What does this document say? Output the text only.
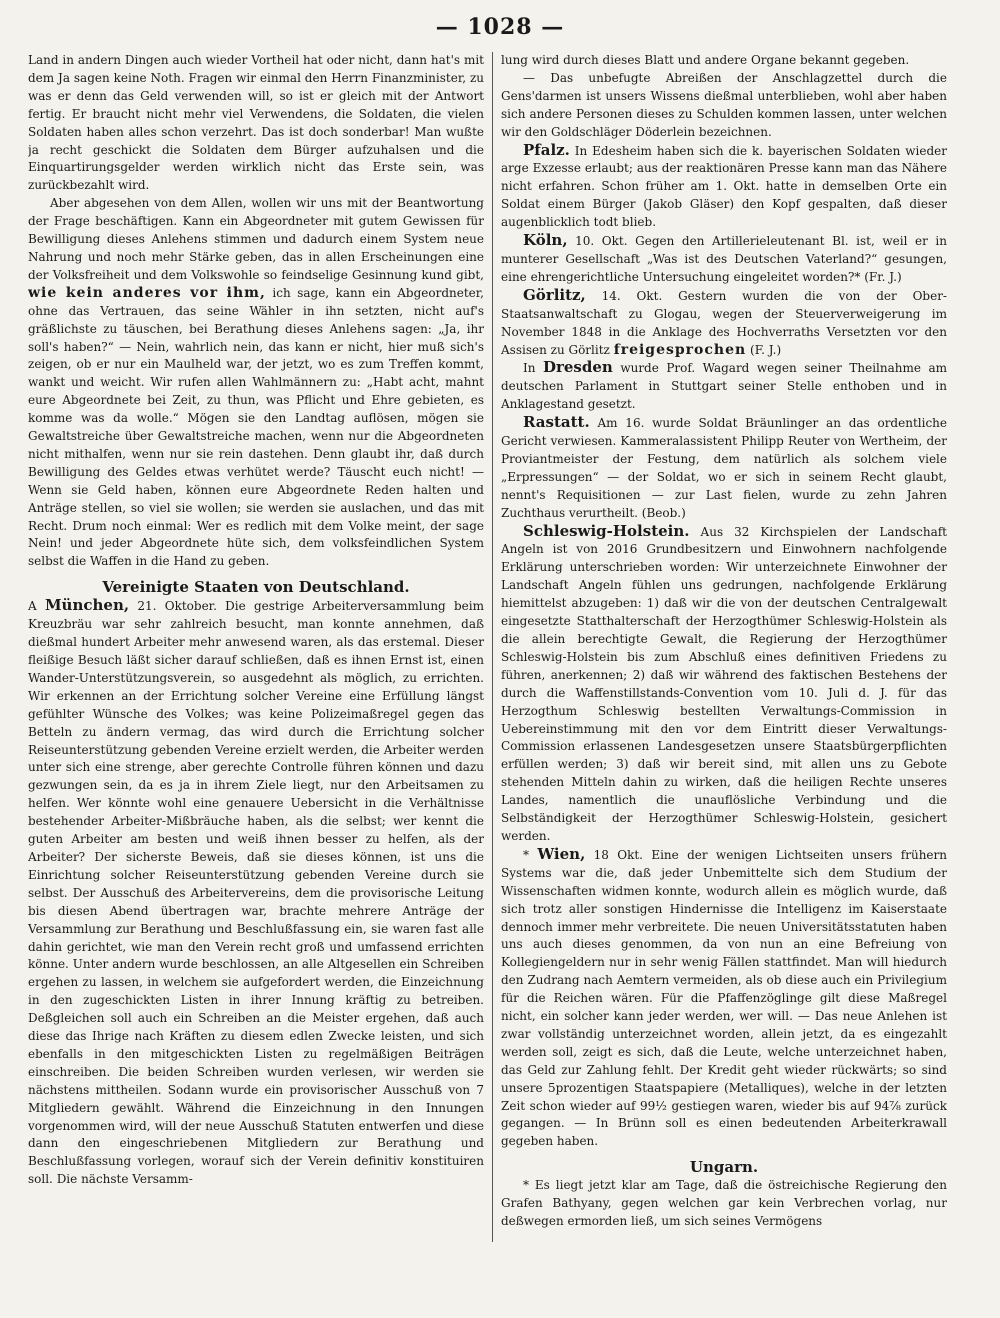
— 1028 —

Land in andern Dingen auch wieder Vortheil hat oder nicht, dann hat's mit dem Ja sagen keine Noth. Fragen wir einmal den Herrn Finanzminister, zu was er denn das Geld verwenden will, so ist er gleich mit der Antwort fertig. Er braucht nicht mehr viel Verwendens, die Soldaten, die vielen Soldaten haben alles schon verzehrt. Das ist doch sonderbar! Man wußte ja recht geschickt die Soldaten dem Bürger aufzuhalsen und die Einquartirungsgelder werden wirklich nicht das Erste sein, was zurückbezahlt wird.

Aber abgesehen von dem Allen, wollen wir uns mit der Beantwortung der Frage beschäftigen. Kann ein Abgeordneter mit gutem Gewissen für Bewilligung dieses Anlehens stimmen und dadurch einem System neue Nahrung und noch mehr Stärke geben, das in allen Erscheinungen eine der Volksfreiheit und dem Volkswohle so feindselige Gesinnung kund gibt, wie kein anderes vor ihm, ich sage, kann ein Abgeordneter, ohne das Vertrauen, das seine Wähler in ihn setzten, nicht auf's gräßlichste zu täuschen, bei Berathung dieses Anlehens sagen: „Ja, ihr soll's haben?“ — Nein, wahrlich nein, das kann er nicht, hier muß sich's zeigen, ob er nur ein Maulheld war, der jetzt, wo es zum Treffen kommt, wankt und weicht. Wir rufen allen Wahlmännern zu: „Habt acht, mahnt eure Abgeordnete bei Zeit, zu thun, was Pflicht und Ehre gebieten, es komme was da wolle.“ Mögen sie den Landtag auflösen, mögen sie Gewaltstreiche über Gewaltstreiche machen, wenn nur die Abgeordneten nicht mithalfen, wenn nur sie rein dastehen. Denn glaubt ihr, daß durch Bewilligung des Geldes etwas verhütet werde? Täuscht euch nicht! — Wenn sie Geld haben, können eure Abgeordnete Reden halten und Anträge stellen, so viel sie wollen; sie werden sie auslachen, und das mit Recht. Drum noch einmal: Wer es redlich mit dem Volke meint, der sage Nein! und jeder Abgeordnete hüte sich, dem volksfeindlichen System selbst die Waffen in die Hand zu geben.

Vereinigte Staaten von Deutschland.

A München, 21. Oktober. Die gestrige Arbeiterversammlung beim Kreuzbräu war sehr zahlreich besucht, man konnte annehmen, daß dießmal hundert Arbeiter mehr anwesend waren, als das erstemal. Dieser fleißige Besuch läßt sicher darauf schließen, daß es ihnen Ernst ist, einen Wander-Unterstützungsverein, so ausgedehnt als möglich, zu errichten. Wir erkennen an der Errichtung solcher Vereine eine Erfüllung längst gefühlter Wünsche des Volkes; was keine Polizeimaßregel gegen das Betteln zu ändern vermag, das wird durch die Errichtung solcher Reiseunterstützung gebenden Vereine erzielt werden, die Arbeiter werden unter sich eine strenge, aber gerechte Controlle führen können und dazu gezwungen sein, da es ja in ihrem Ziele liegt, nur den Arbeitsamen zu helfen. Wer könnte wohl eine genauere Uebersicht in die Verhältnisse bestehender Arbeiter-Mißbräuche haben, als die selbst; wer kennt die guten Arbeiter am besten und weiß ihnen besser zu helfen, als der Arbeiter? Der sicherste Beweis, daß sie dieses können, ist uns die Einrichtung solcher Reiseunterstützung gebenden Vereine durch sie selbst. Der Ausschuß des Arbeitervereins, dem die provisorische Leitung bis diesen Abend übertragen war, brachte mehrere Anträge der Versammlung zur Berathung und Beschlußfassung ein, sie waren fast alle dahin gerichtet, wie man den Verein recht groß und umfassend errichten könne. Unter andern wurde beschlossen, an alle Altgesellen ein Schreiben ergehen zu lassen, in welchem sie aufgefordert werden, die Einzeichnung in den zugeschickten Listen in ihrer Innung kräftig zu betreiben. Deßgleichen soll auch ein Schreiben an die Meister ergehen, daß auch diese das Ihrige nach Kräften zu diesem edlen Zwecke leisten, und sich ebenfalls in den mitgeschickten Listen zu regelmäßigen Beiträgen einschreiben. Die beiden Schreiben wurden verlesen, wir werden sie nächstens mittheilen. Sodann wurde ein provisorischer Ausschuß von 7 Mitgliedern gewählt. Während die Einzeichnung in den Innungen vorgenommen wird, will der neue Ausschuß Statuten entwerfen und diese dann den eingeschriebenen Mitgliedern zur Berathung und Beschlußfassung vorlegen, worauf sich der Verein definitiv konstituiren soll. Die nächste Versamm-

lung wird durch dieses Blatt und andere Organe bekannt gegeben.

— Das unbefugte Abreißen der Anschlagzettel durch die Gens'darmen ist unsers Wissens dießmal unterblieben, wohl aber haben sich andere Personen dieses zu Schulden kommen lassen, unter welchen wir den Goldschläger Döderlein bezeichnen.

Pfalz. In Edesheim haben sich die k. bayerischen Soldaten wieder arge Exzesse erlaubt; aus der reaktionären Presse kann man das Nähere nicht erfahren. Schon früher am 1. Okt. hatte in demselben Orte ein Soldat einem Bürger (Jakob Gläser) den Kopf gespalten, daß dieser augenblicklich todt blieb.

Köln, 10. Okt. Gegen den Artillerieleutenant Bl. ist, weil er in munterer Gesellschaft „Was ist des Deutschen Vaterland?“ gesungen, eine ehrengerichtliche Untersuchung eingeleitet worden?* (Fr. J.)

Görlitz, 14. Okt. Gestern wurden die von der Ober-Staatsanwaltschaft zu Glogau, wegen der Steuerverweigerung im November 1848 in die Anklage des Hochverraths Versetzten vor den Assisen zu Görlitz freigesprochen (F. J.)

In Dresden wurde Prof. Wagard wegen seiner Theilnahme am deutschen Parlament in Stuttgart seiner Stelle enthoben und in Anklagestand gesetzt.

Rastatt. Am 16. wurde Soldat Bräunlinger an das ordentliche Gericht verwiesen. Kammeralassistent Philipp Reuter von Wertheim, der Proviantmeister der Festung, dem natürlich als solchem viele „Erpressungen“ — der Soldat, wo er sich in seinem Recht glaubt, nennt's Requisitionen — zur Last fielen, wurde zu zehn Jahren Zuchthaus verurtheilt. (Beob.)

Schleswig-Holstein. Aus 32 Kirchspielen der Landschaft Angeln ist von 2016 Grundbesitzern und Einwohnern nachfolgende Erklärung unterschrieben worden: Wir unterzeichnete Einwohner der Landschaft Angeln fühlen uns gedrungen, nachfolgende Erklärung hiemittelst abzugeben: 1) daß wir die von der deutschen Centralgewalt eingesetzte Statthalterschaft der Herzogthümer Schleswig-Holstein als die allein berechtigte Gewalt, die Regierung der Herzogthümer Schleswig-Holstein bis zum Abschluß eines definitiven Friedens zu führen, anerkennen; 2) daß wir während des faktischen Bestehens der durch die Waffenstillstands-Convention vom 10. Juli d. J. für das Herzogthum Schleswig bestellten Verwaltungs-Commission in Uebereinstimmung mit den vor dem Eintritt dieser Verwaltungs-Commission erlassenen Landesgesetzen unsere Staatsbürgerpflichten erfüllen werden; 3) daß wir bereit sind, mit allen uns zu Gebote stehenden Mitteln dahin zu wirken, daß die heiligen Rechte unseres Landes, namentlich die unauflösliche Verbindung und die Selbständigkeit der Herzogthümer Schleswig-Holstein, gesichert werden.

* Wien, 18 Okt. Eine der wenigen Lichtseiten unsers frühern Systems war die, daß jeder Unbemittelte sich dem Studium der Wissenschaften widmen konnte, wodurch allein es möglich wurde, daß sich trotz aller sonstigen Hindernisse die Intelligenz im Kaiserstaate dennoch immer mehr verbreitete. Die neuen Universitätsstatuten haben uns auch dieses genommen, da von nun an eine Befreiung von Kollegiengeldern nur in sehr wenig Fällen stattfindet. Man will hiedurch den Zudrang nach Aemtern vermeiden, als ob diese auch ein Privilegium für die Reichen wären. Für die Pfaffenzöglinge gilt diese Maßregel nicht, ein solcher kann jeder werden, wer will. — Das neue Anlehen ist zwar vollständig unterzeichnet worden, allein jetzt, da es eingezahlt werden soll, zeigt es sich, daß die Leute, welche unterzeichnet haben, das Geld zur Zahlung fehlt. Der Kredit geht wieder rückwärts; so sind unsere 5prozentigen Staatspapiere (Metalliques), welche in der letzten Zeit schon wieder auf 99½ gestiegen waren, wieder bis auf 94⅞ zurück gegangen. — In Brünn soll es einen bedeutenden Arbeiterkrawall gegeben haben.

Ungarn.

* Es liegt jetzt klar am Tage, daß die östreichische Regierung den Grafen Bathyany, gegen welchen gar kein Verbrechen vorlag, nur deßwegen ermorden ließ, um sich seines Vermögens
